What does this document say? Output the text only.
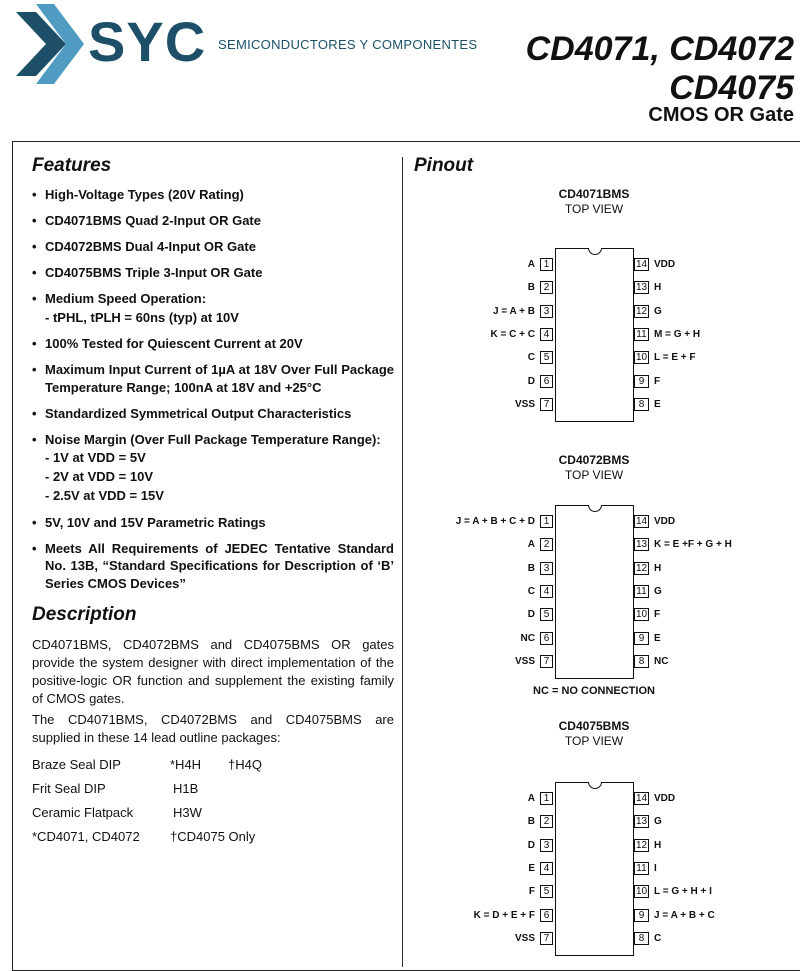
SYC SEMICONDUCTORES Y COMPONENTES CD4071, CD4072
CD4075
CMOS OR Gate
Features
• High-Voltage Types (20V Rating)
• CD4071BMS Quad 2-Input OR Gate
• CD4072BMS Dual 4-Input OR Gate
• CD4075BMS Triple 3-Input OR Gate
• Medium Speed Operation:
- tPHL, tPLH = 60ns (typ) at 10V
• 100% Tested for Quiescent Current at 20V
• Maximum Input Current of 1µA at 18V Over Full Package Temperature Range; 100nA at 18V and +25°C
• Standardized Symmetrical Output Characteristics
• Noise Margin (Over Full Package Temperature Range):
- 1V at VDD = 5V
- 2V at VDD = 10V
- 2.5V at VDD = 15V
• 5V, 10V and 15V Parametric Ratings
• Meets All Requirements of JEDEC Tentative Standard No. 13B, “Standard Specifications for Description of ‘B’ Series CMOS Devices”
Description
CD4071BMS, CD4072BMS and CD4075BMS OR gates provide the system designer with direct implementation of the positive-logic OR function and supplement the existing family of CMOS gates.
The CD4071BMS, CD4072BMS and CD4075BMS are supplied in these 14 lead outline packages:
Braze Seal DIP	*H4H †H4Q
Frit Seal DIP	H1B
Ceramic Flatpack	H3W
*CD4071, CD4072 †CD4075 Only
Pinout
CD4071BMS
TOP VIEW
1
A
2
B
3
J = A + B
4
K = C + C
5
C
6
D
7
VSS
14 VDD
13 H
12 G
11 M = G + H
10 L = E + F
9 F
8 E
CD4072BMS
TOP VIEW
1
J = A + B + C + D
2
A
3
B
4
C
5
D
6
NC
7
VSS
14 VDD
13 K = E +F + G + H
12 H
11 G
10 F
9 E
8 NC
CD4075BMS
TOP VIEW
1
A
2
B
3
D
4
E
5
F
6
K = D + E + F
7
VSS
14 VDD
13 G
12 H
11 I
10 L = G + H + I
9 J = A + B + C
8 C
NC = NO CONNECTION
